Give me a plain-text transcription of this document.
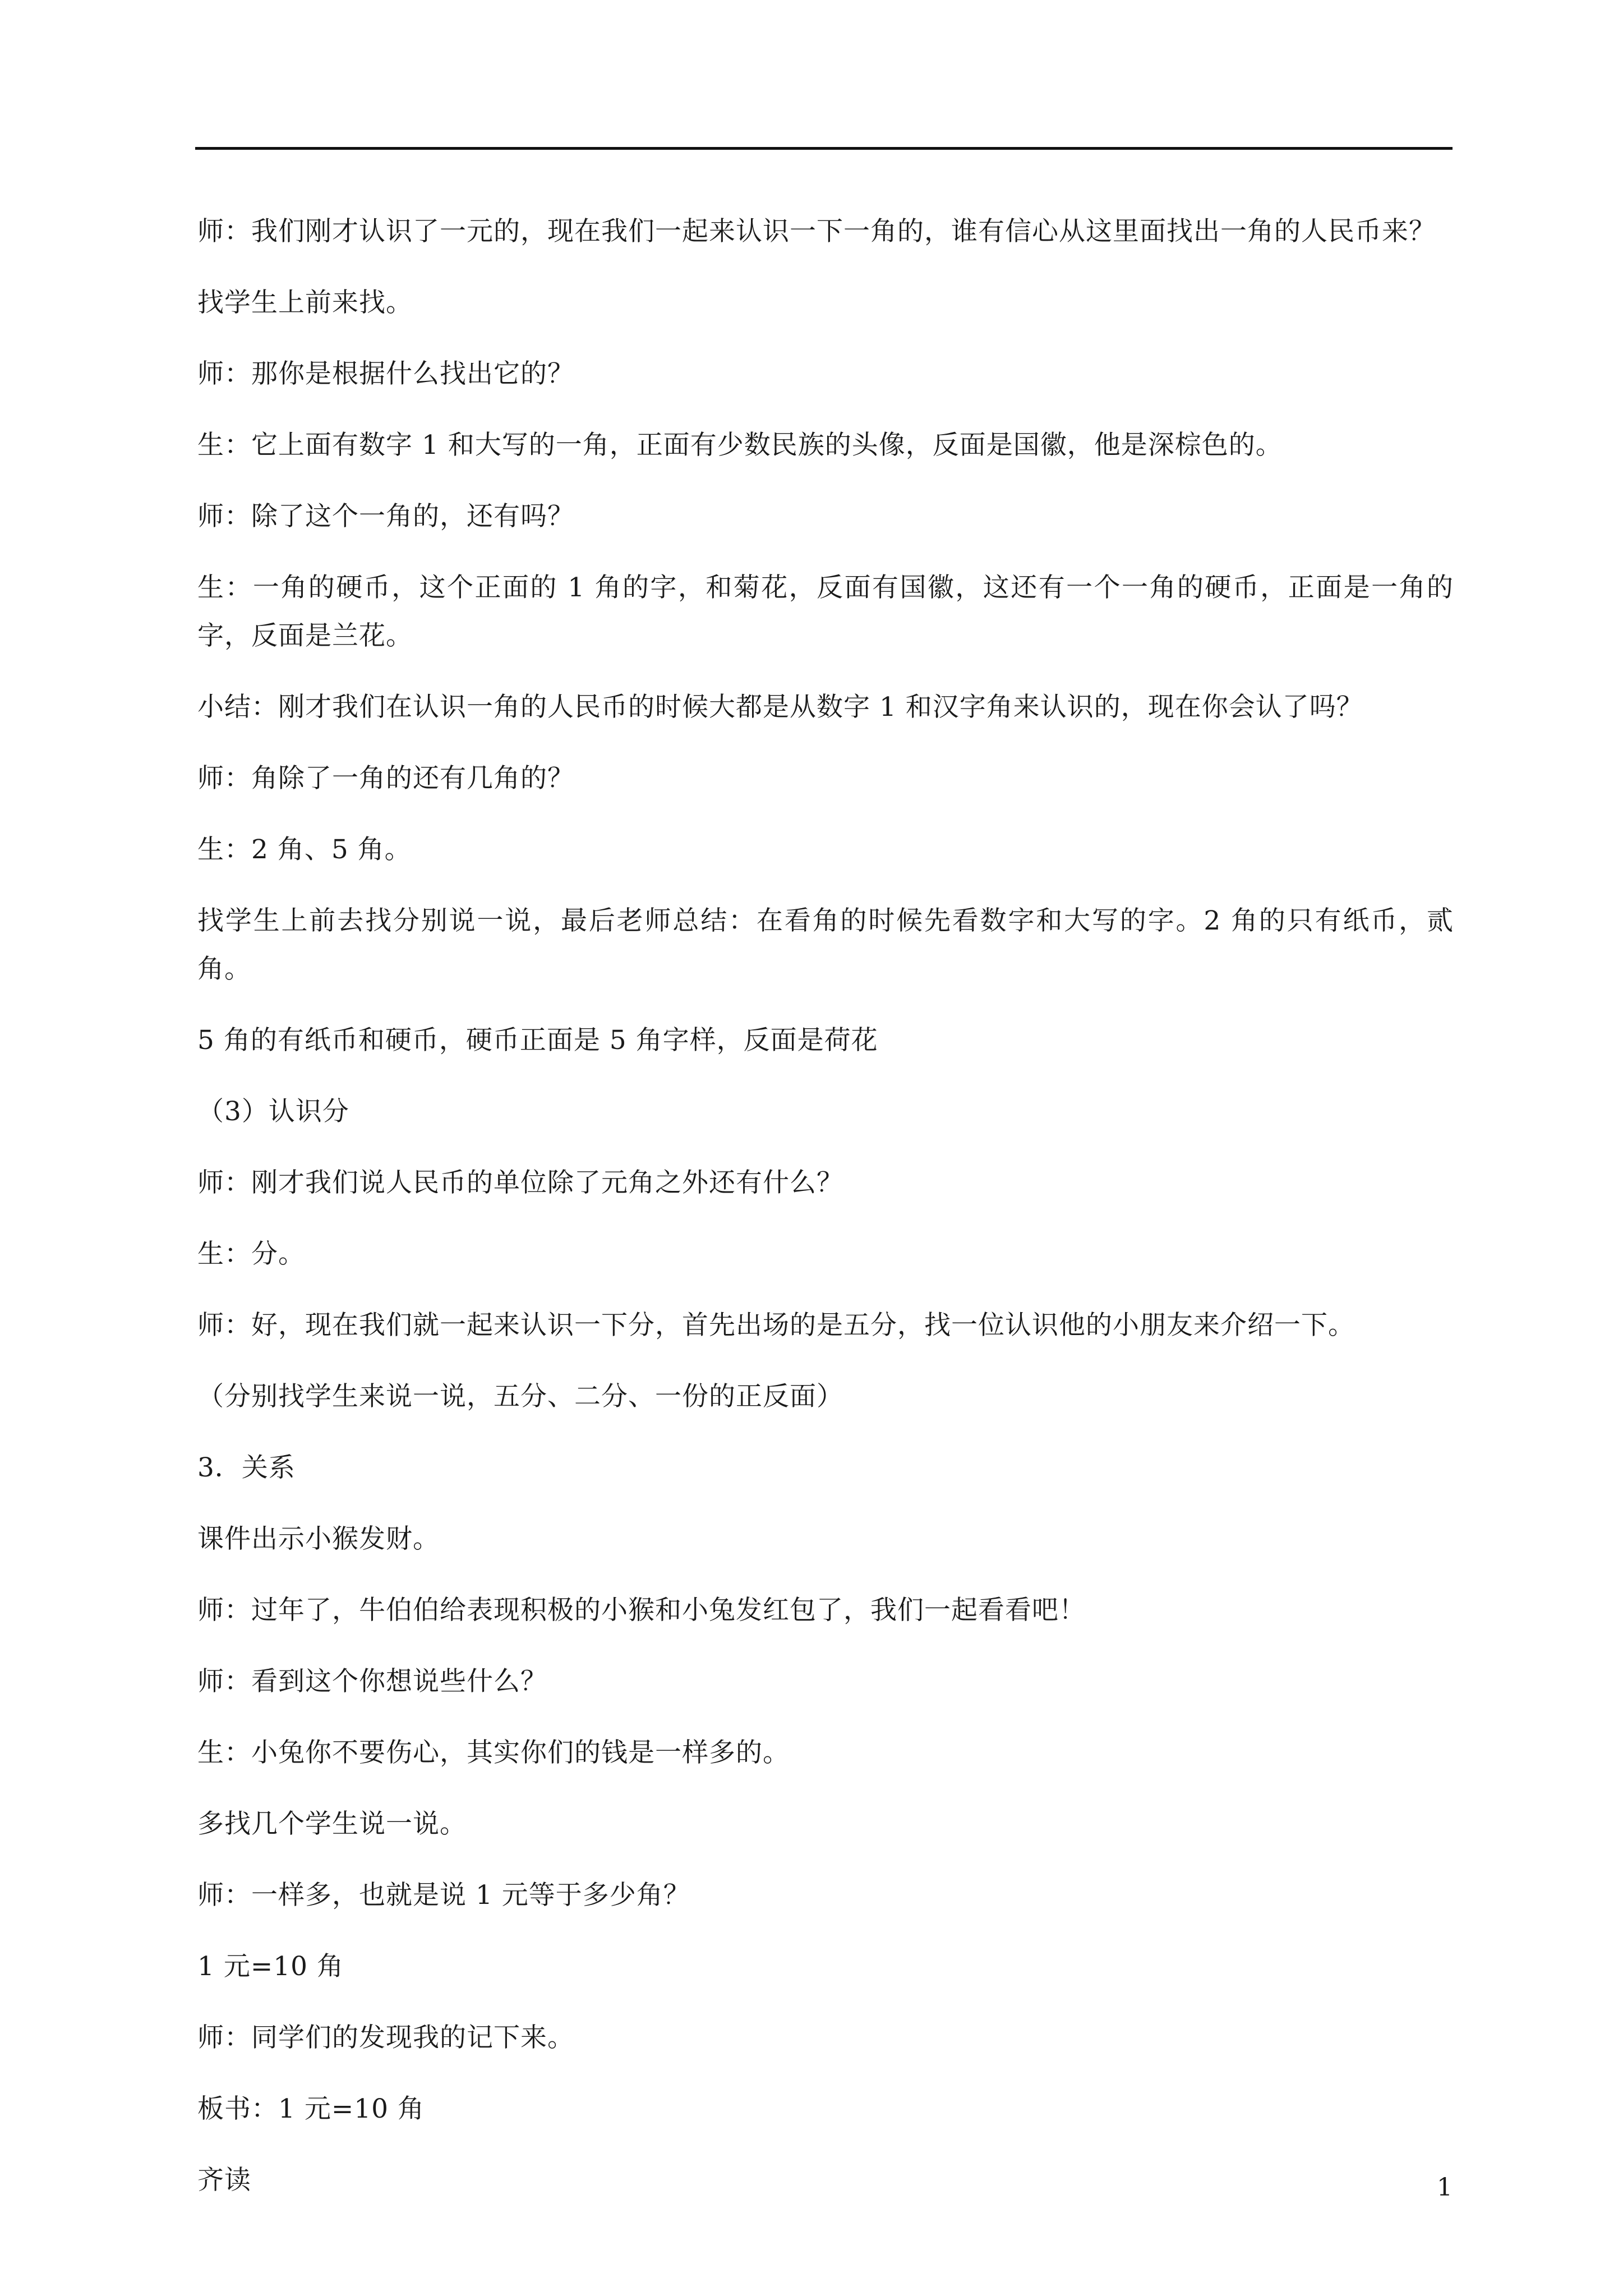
师：我们刚才认识了一元的，现在我们一起来认识一下一角的，谁有信心从这里面找出一角的人民币来？

找学生上前来找。

师：那你是根据什么找出它的？

生：它上面有数字 1 和大写的一角，正面有少数民族的头像，反面是国徽，他是深棕色的。

师：除了这个一角的，还有吗？

生：一角的硬币，这个正面的 1 角的字，和菊花，反面有国徽，这还有一个一角的硬币，正面是一角的字，反面是兰花。

小结：刚才我们在认识一角的人民币的时候大都是从数字 1 和汉字角来认识的，现在你会认了吗？

师：角除了一角的还有几角的？

生：2 角、5 角。

找学生上前去找分别说一说，最后老师总结：在看角的时候先看数字和大写的字。2 角的只有纸币，贰角。

5 角的有纸币和硬币，硬币正面是 5 角字样，反面是荷花

（3）认识分

师：刚才我们说人民币的单位除了元角之外还有什么？

生：分。

师：好，现在我们就一起来认识一下分，首先出场的是五分，找一位认识他的小朋友来介绍一下。

（分别找学生来说一说，五分、二分、一份的正反面）

3．关系

课件出示小猴发财。

师：过年了，牛伯伯给表现积极的小猴和小兔发红包了，我们一起看看吧！

师：看到这个你想说些什么？

生：小兔你不要伤心，其实你们的钱是一样多的。

多找几个学生说一说。

师：一样多，也就是说 1 元等于多少角？

1 元=10 角

师：同学们的发现我的记下来。

板书：1 元=10 角

齐读	1
